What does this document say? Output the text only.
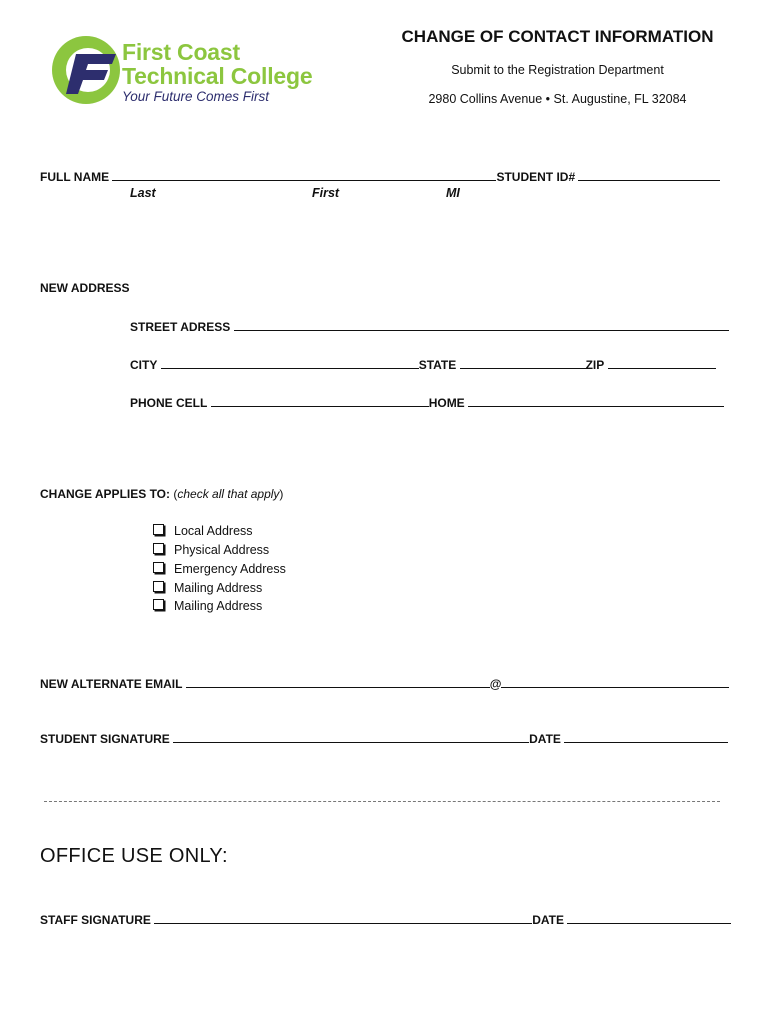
First Coast
Technical College
Your Future Comes First
CHANGE OF CONTACT INFORMATION
Submit to the Registration Department
2980 Collins Avenue • St. Augustine, FL 32084
FULL NAME	STUDENT ID#
Last	First	MI
NEW ADDRESS
STREET ADRESS
CITY	STATE	ZIP
PHONE CELL	HOME
CHANGE APPLIES TO: (check all that apply)
Local Address
Physical Address
Emergency Address
Mailing Address
Mailing Address
NEW ALTERNATE EMAIL	@
STUDENT SIGNATURE	DATE
OFFICE USE ONLY:
STAFF SIGNATURE	DATE
